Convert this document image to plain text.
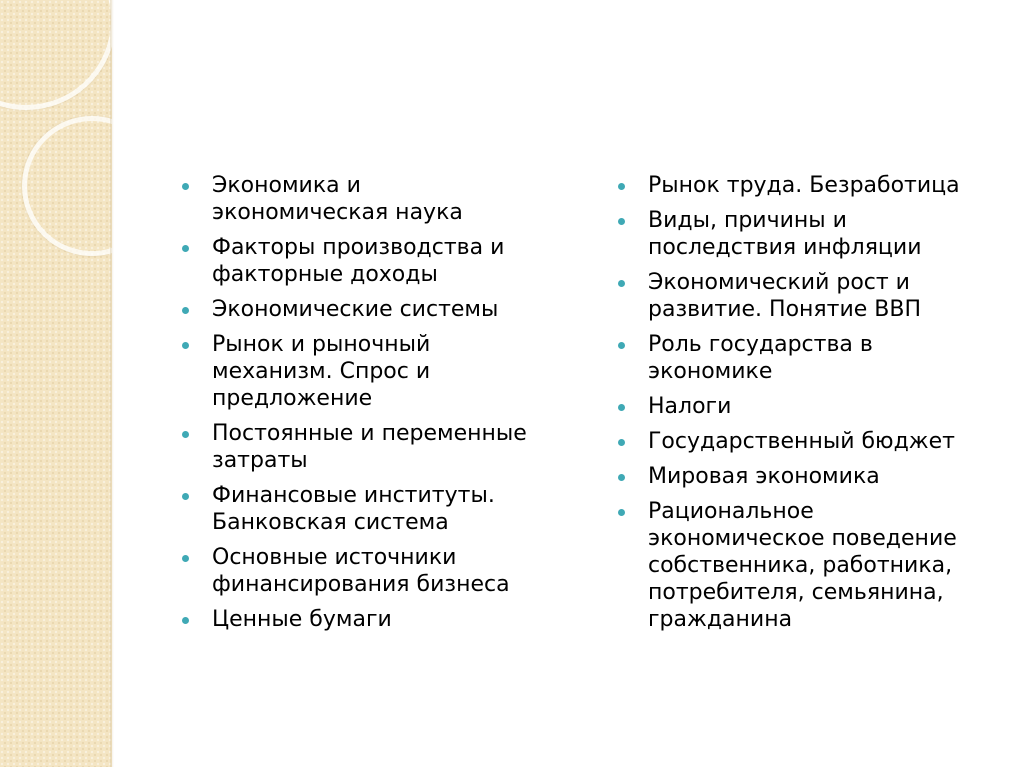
Экономика и экономическая наука
Факторы производства и факторные доходы
Экономические системы
Рынок и рыночный механизм. Спрос и предложение
Постоянные и переменные затраты
Финансовые институты. Банковская система
Основные источники финансирования бизнеса
Ценные бумаги
Рынок труда. Безработица
Виды, причины и последствия инфляции
Экономический рост и развитие. Понятие ВВП
Роль государства в экономике
Налоги
Государственный бюджет
Мировая экономика
Рациональное экономическое поведение собственника, работника, потребителя, семьянина, гражданина
